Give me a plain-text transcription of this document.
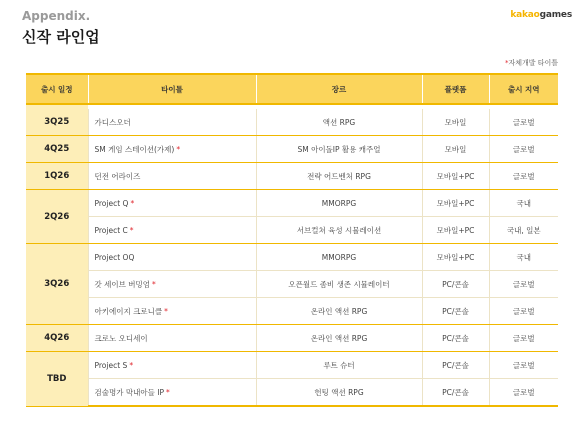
Appendix.
신작 라인업
kakaogames
*자체개발 타이틀
출시 일정	타이틀	장르	플랫폼	출시 지역

3Q25	가디스오더	액션 RPG	모바일	글로벌
4Q25	SM 게임 스테이션(가제) *	SM 아이돌IP 활용 캐주얼	모바일	글로벌
1Q26	던전 어라이즈	전략 어드벤처 RPG	모바일+PC	글로벌
2Q26	Project Q *	MMORPG	모바일+PC	국내
	Project C *	서브컬쳐 육성 시뮬레이션	모바일+PC	국내, 일본
3Q26	Project OQ	MMORPG	모바일+PC	국내
	갓 세이브 버밍엄 *	오픈월드 좀비 생존 시뮬레이터	PC/콘솔	글로벌
	아키에이지 크로니클 *	온라인 액션 RPG	PC/콘솔	글로벌
4Q26	크로노 오디세이	온라인 액션 RPG	PC/콘솔	글로벌
TBD	Project S *	루트 슈터	PC/콘솔	글로벌
	검술명가 막내아들 IP *	헌팅 액션 RPG	PC/콘솔	글로벌
